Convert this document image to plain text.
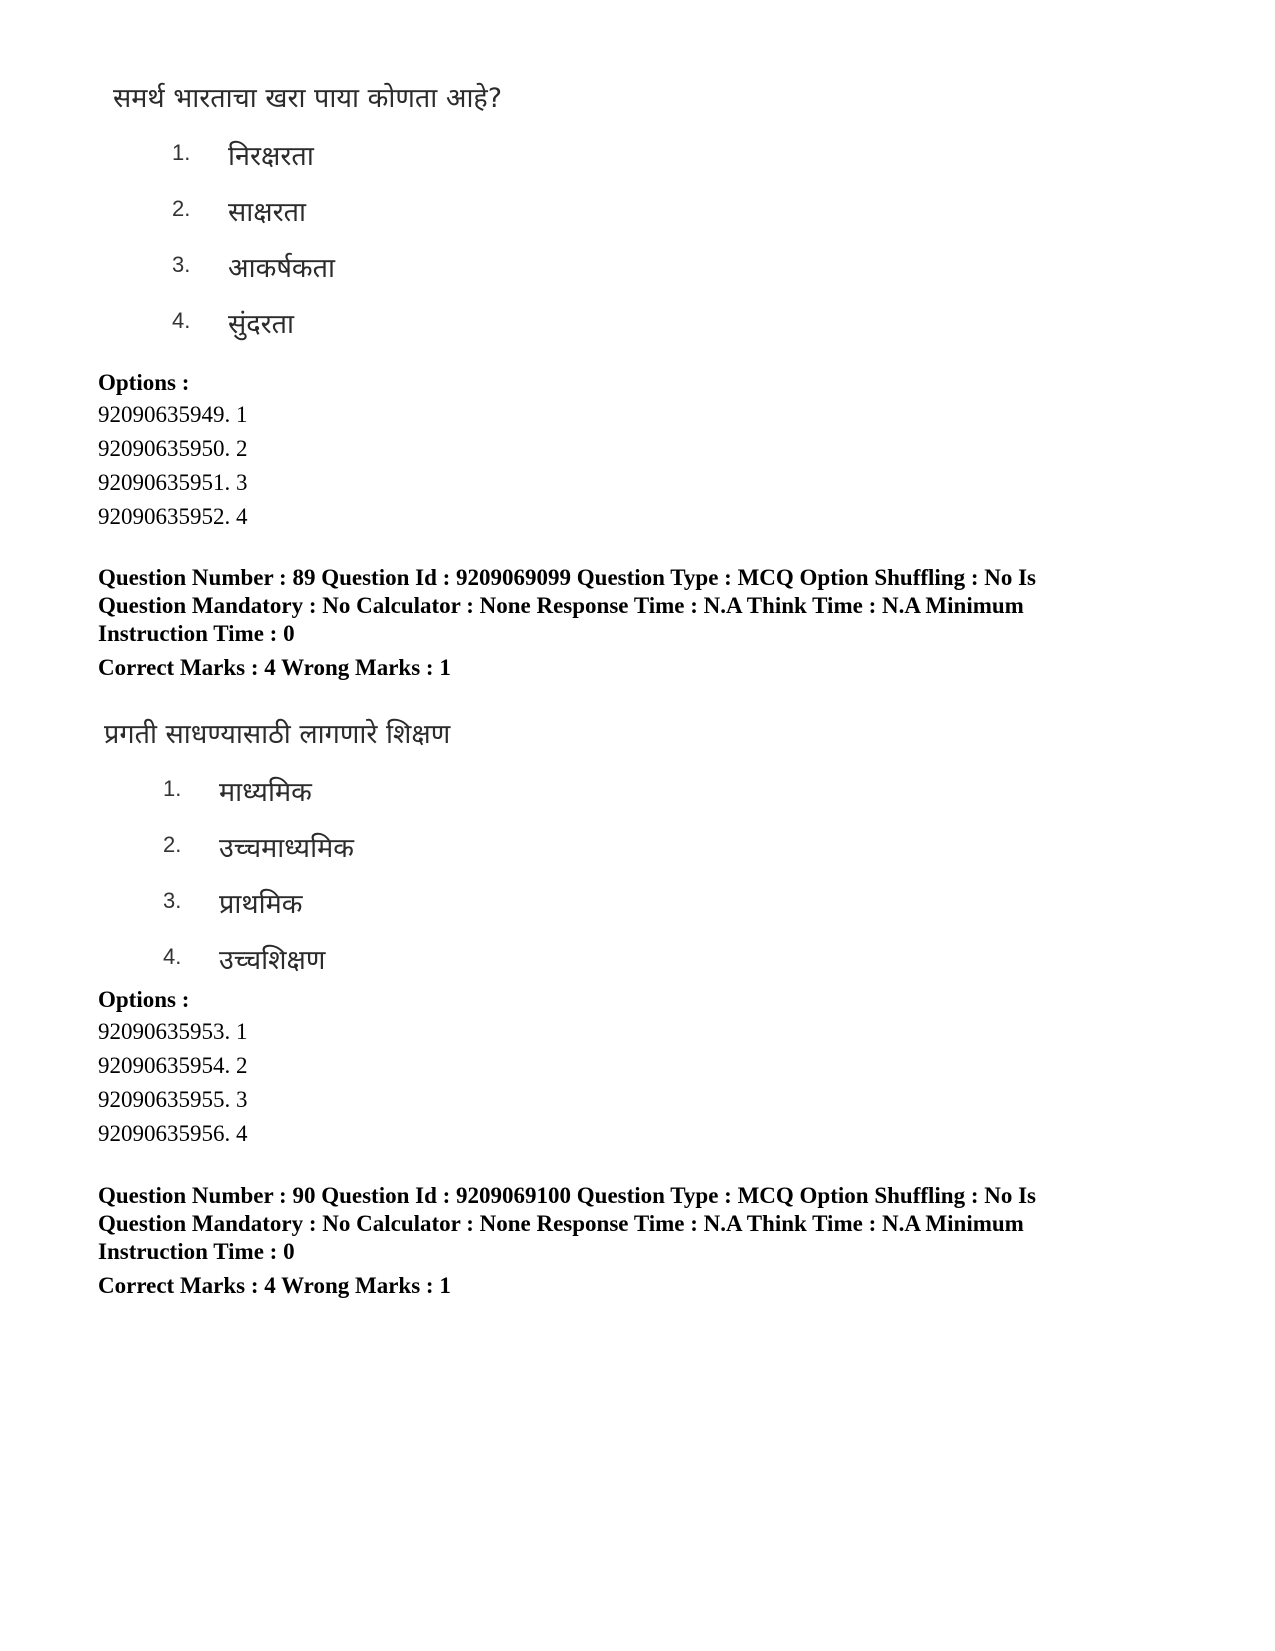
समर्थ भारताचा खरा पाया कोणता आहे?
1. निरक्षरता
2. साक्षरता
3. आकर्षकता
4. सुंदरता
Options :
92090635949. 1
92090635950. 2
92090635951. 3
92090635952. 4
Question Number : 89 Question Id : 9209069099 Question Type : MCQ Option Shuffling : No Is
Question Mandatory : No Calculator : None Response Time : N.A Think Time : N.A Minimum
Instruction Time : 0
Correct Marks : 4 Wrong Marks : 1
प्रगती साधण्यासाठी लागणारे शिक्षण
1. माध्यमिक
2. उच्चमाध्यमिक
3. प्राथमिक
4. उच्चशिक्षण
Options :
92090635953. 1
92090635954. 2
92090635955. 3
92090635956. 4
Question Number : 90 Question Id : 9209069100 Question Type : MCQ Option Shuffling : No Is
Question Mandatory : No Calculator : None Response Time : N.A Think Time : N.A Minimum
Instruction Time : 0
Correct Marks : 4 Wrong Marks : 1
